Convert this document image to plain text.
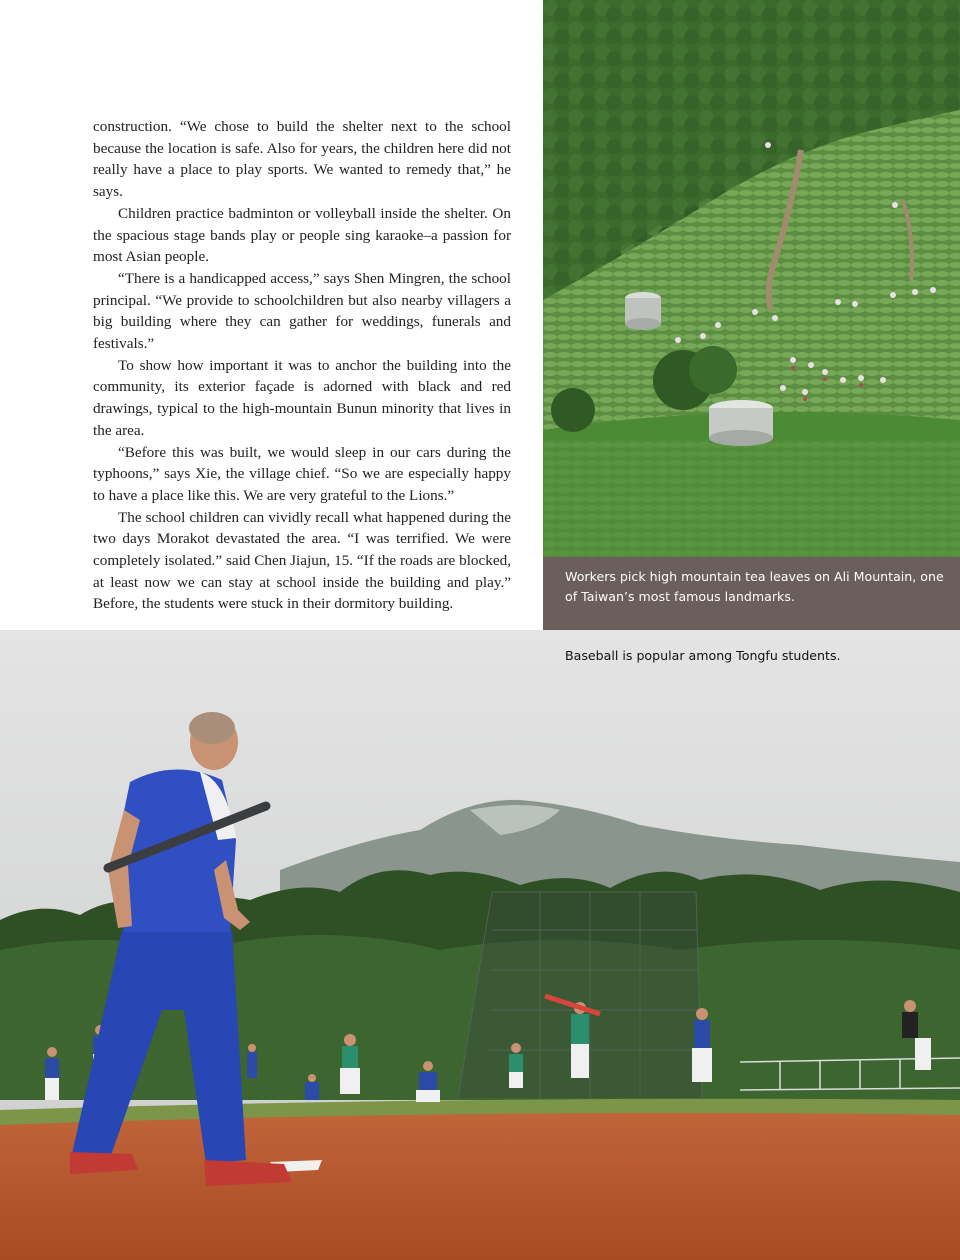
construction. “We chose to build the shelter next to the school because the location is safe. Also for years, the children here did not really have a place to play sports. We wanted to remedy that,” he says.

Children practice badminton or volleyball inside the shelter. On the spacious stage bands play or people sing karaoke–a passion for most Asian people.

“There is a handicapped access,” says Shen Mingren, the school principal. “We provide to schoolchildren but also nearby villagers a big building where they can gather for weddings, funerals and festivals.”

To show how important it was to anchor the building into the community, its exterior façade is adorned with black and red drawings, typical to the high-mountain Bunun minority that lives in the area.

“Before this was built, we would sleep in our cars during the typhoons,” says Xie, the village chief. “So we are especially happy to have a place like this. We are very grateful to the Lions.”

The school children can vividly recall what happened during the two days Morakot devastated the area. “I was terrified. We were completely isolated.” said Chen Jiajun, 15. “If the roads are blocked, at least now we can stay at school inside the building and play.” Before, the students were stuck in their dormitory building.

Workers pick high mountain tea leaves on Ali Mountain, one of Taiwan’s most famous landmarks.
Baseball is popular among Tongfu students.
